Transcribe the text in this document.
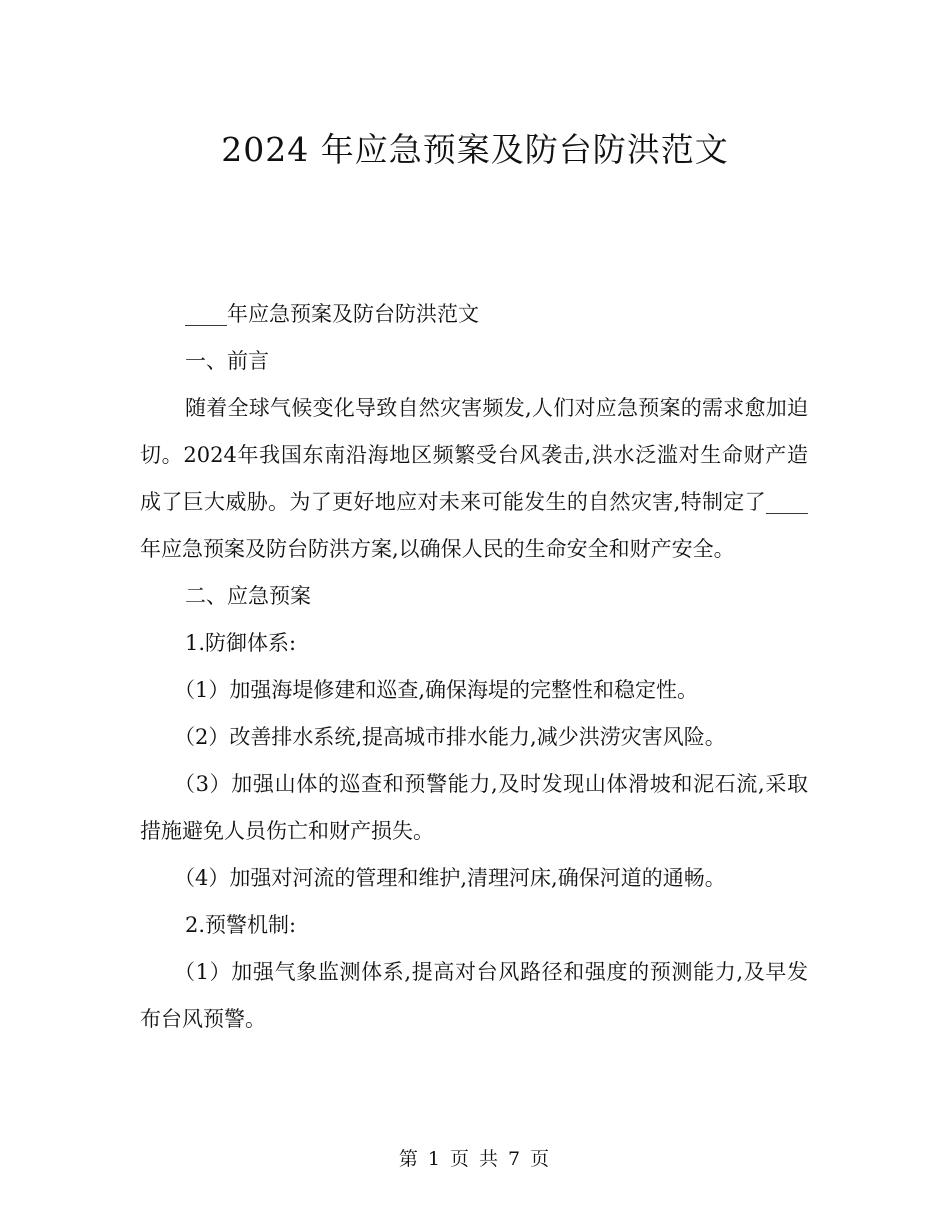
2024 年应急预案及防台防洪范文

____年应急预案及防台防洪范文

一、前言

随着全球气候变化导致自然灾害频发,人们对应急预案的需求愈加迫切。2024年我国东南沿海地区频繁受台风袭击,洪水泛滥对生命财产造成了巨大威胁。为了更好地应对未来可能发生的自然灾害,特制定了____年应急预案及防台防洪方案,以确保人民的生命安全和财产安全。

二、应急预案

1.防御体系:

（1）加强海堤修建和巡查,确保海堤的完整性和稳定性。

（2）改善排水系统,提高城市排水能力,减少洪涝灾害风险。

（3）加强山体的巡查和预警能力,及时发现山体滑坡和泥石流,采取措施避免人员伤亡和财产损失。

（4）加强对河流的管理和维护,清理河床,确保河道的通畅。

2.预警机制:

（1）加强气象监测体系,提高对台风路径和强度的预测能力,及早发布台风预警。

第 1 页 共 7 页
